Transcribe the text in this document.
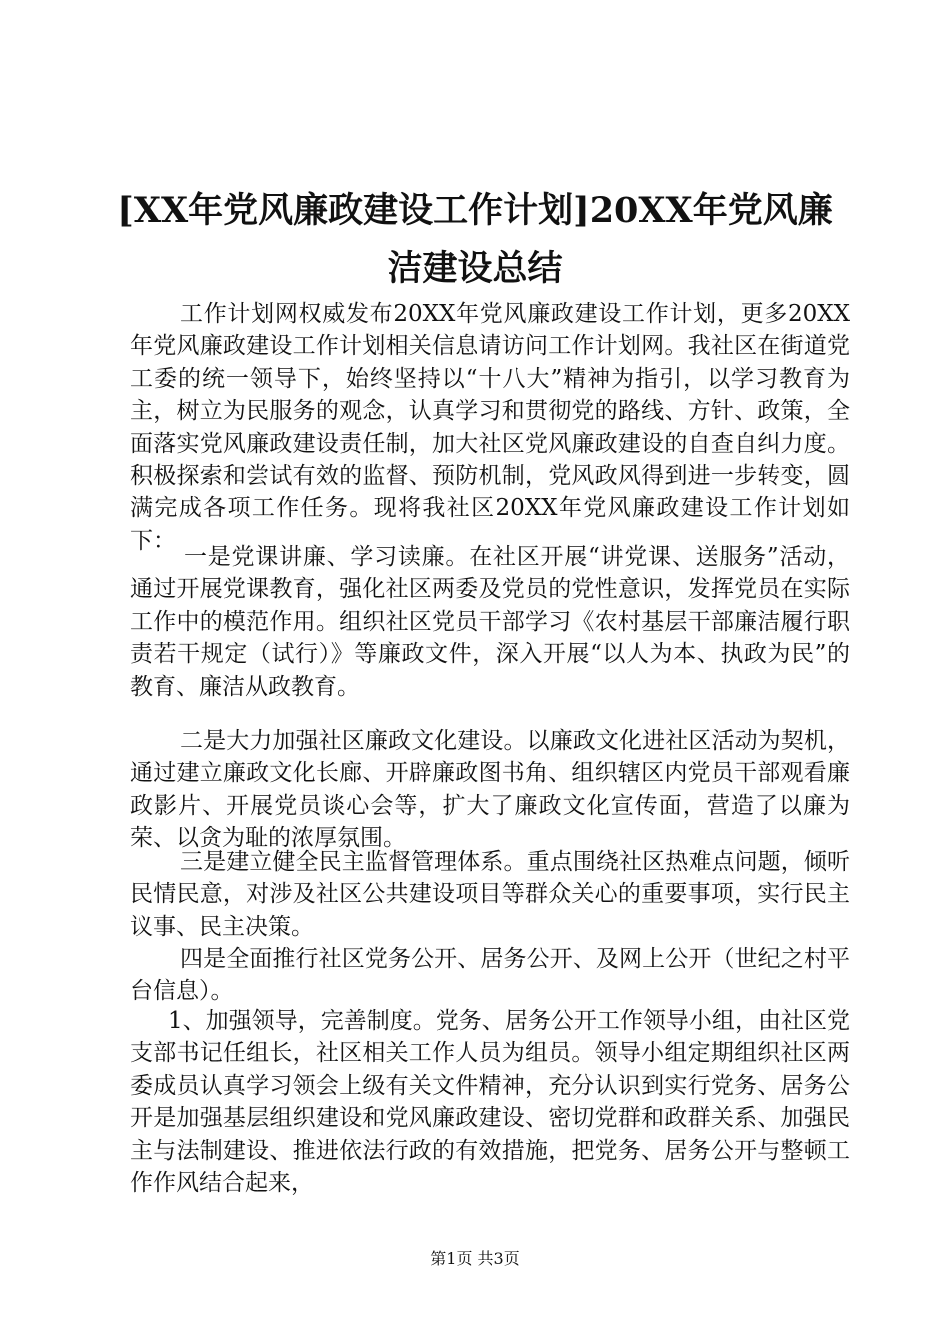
[XX年党风廉政建设工作计划]20XX年党风廉
洁建设总结

工作计划网权威发布20XX年党风廉政建设工作计划，更多20XX年党风廉政建设工作计划相关信息请访问工作计划网。我社区在街道党工委的统一领导下，始终坚持以“十八大”精神为指引，以学习教育为主，树立为民服务的观念，认真学习和贯彻党的路线、方针、政策，全面落实党风廉政建设责任制，加大社区党风廉政建设的自查自纠力度。积极探索和尝试有效的监督、预防机制，党风政风得到进一步转变，圆满完成各项工作任务。现将我社区20XX年党风廉政建设工作计划如下：

一是党课讲廉、学习读廉。在社区开展“讲党课、送服务”活动，通过开展党课教育，强化社区两委及党员的党性意识，发挥党员在实际工作中的模范作用。组织社区党员干部学习《农村基层干部廉洁履行职责若干规定（试行）》等廉政文件，深入开展“以人为本、执政为民”的教育、廉洁从政教育。

二是大力加强社区廉政文化建设。以廉政文化进社区活动为契机，通过建立廉政文化长廊、开辟廉政图书角、组织辖区内党员干部观看廉政影片、开展党员谈心会等，扩大了廉政文化宣传面，营造了以廉为荣、以贪为耻的浓厚氛围。

三是建立健全民主监督管理体系。重点围绕社区热难点问题，倾听民情民意，对涉及社区公共建设项目等群众关心的重要事项，实行民主议事、民主决策。

四是全面推行社区党务公开、居务公开、及网上公开（世纪之村平台信息）。

1、加强领导，完善制度。党务、居务公开工作领导小组，由社区党支部书记任组长，社区相关工作人员为组员。领导小组定期组织社区两委成员认真学习领会上级有关文件精神，充分认识到实行党务、居务公开是加强基层组织建设和党风廉政建设、密切党群和政群关系、加强民主与法制建设、推进依法行政的有效措施，把党务、居务公开与整顿工作作风结合起来，

第1页 共3页
